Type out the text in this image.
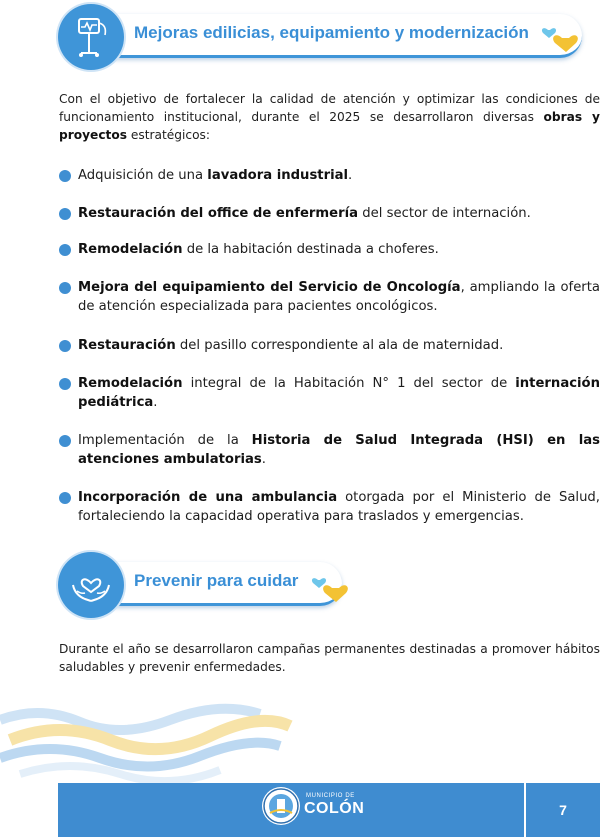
Mejoras edilicias, equipamiento y modernización

Con el objetivo de fortalecer la calidad de atención y optimizar las condiciones de funcionamiento institucional, durante el 2025 se desarrollaron diversas obras y proyectos estratégicos:

Adquisición de una lavadora industrial.
Restauración del office de enfermería del sector de internación.
Remodelación de la habitación destinada a choferes.
Mejora del equipamiento del Servicio de Oncología, ampliando la oferta de atención especializada para pacientes oncológicos.
Restauración del pasillo correspondiente al ala de maternidad.
Remodelación integral de la Habitación N° 1 del sector de internación pediátrica.
Implementación de la Historia de Salud Integrada (HSI) en las atenciones ambulatorias.
Incorporación de una ambulancia otorgada por el Ministerio de Salud, fortaleciendo la capacidad operativa para traslados y emergencias.
Prevenir para cuidar

Durante el año se desarrollaron campañas permanentes destinadas a promover hábitos saludables y prevenir enfermedades.

MUNICIPIO DE
COLÓN	7
